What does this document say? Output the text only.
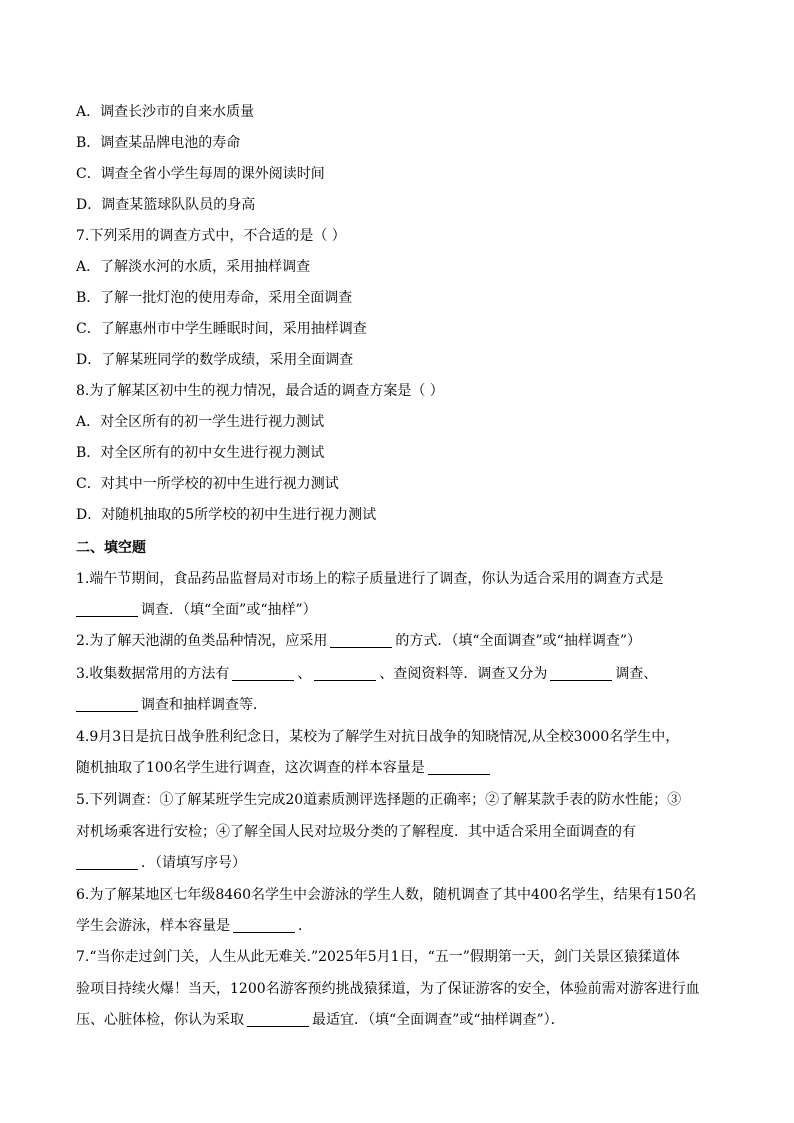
A．调查长沙市的自来水质量
B．调查某品牌电池的寿命
C．调查全省小学生每周的课外阅读时间
D．调查某篮球队队员的身高
7.下列采用的调查方式中，不合适的是（ ）
A．了解淡水河的水质，采用抽样调查
B．了解一批灯泡的使用寿命，采用全面调查
C．了解惠州市中学生睡眠时间，采用抽样调查
D．了解某班同学的数学成绩，采用全面调查
8.为了解某区初中生的视力情况，最合适的调查方案是（ ）
A．对全区所有的初一学生进行视力测试
B．对全区所有的初中女生进行视力测试
C．对其中一所学校的初中生进行视力测试
D．对随机抽取的5所学校的初中生进行视力测试
二、填空题
1.端午节期间，食品药品监督局对市场上的粽子质量进行了调查，你认为适合采用的调查方式是
调查．（填“全面”或“抽样”）
2.为了解天池湖的鱼类品种情况，应采用	的方式．（填“全面调查”或“抽样调查”）
3.收集数据常用的方法有	、	、查阅资料等．调查又分为	调查、
调查和抽样调查等．
4.9月3日是抗日战争胜利纪念日，某校为了解学生对抗日战争的知晓情况,从全校3000名学生中，
随机抽取了100名学生进行调查，这次调查的样本容量是
5.下列调查：①了解某班学生完成20道素质测评选择题的正确率；②了解某款手表的防水性能；③
对机场乘客进行安检；④了解全国人民对垃圾分类的了解程度．其中适合采用全面调查的有
．（请填写序号）
6.为了解某地区七年级8460名学生中会游泳的学生人数，随机调查了其中400名学生，结果有150名
学生会游泳，样本容量是	．
7.“当你走过剑门关，人生从此无难关.”2025年5月1日，“五一”假期第一天，剑门关景区猿猱道体
验项目持续火爆！当天，1200名游客预约挑战猿猱道，为了保证游客的安全，体验前需对游客进行血
压、心脏体检，你认为采取	最适宜．（填“全面调查”或“抽样调查”）．
